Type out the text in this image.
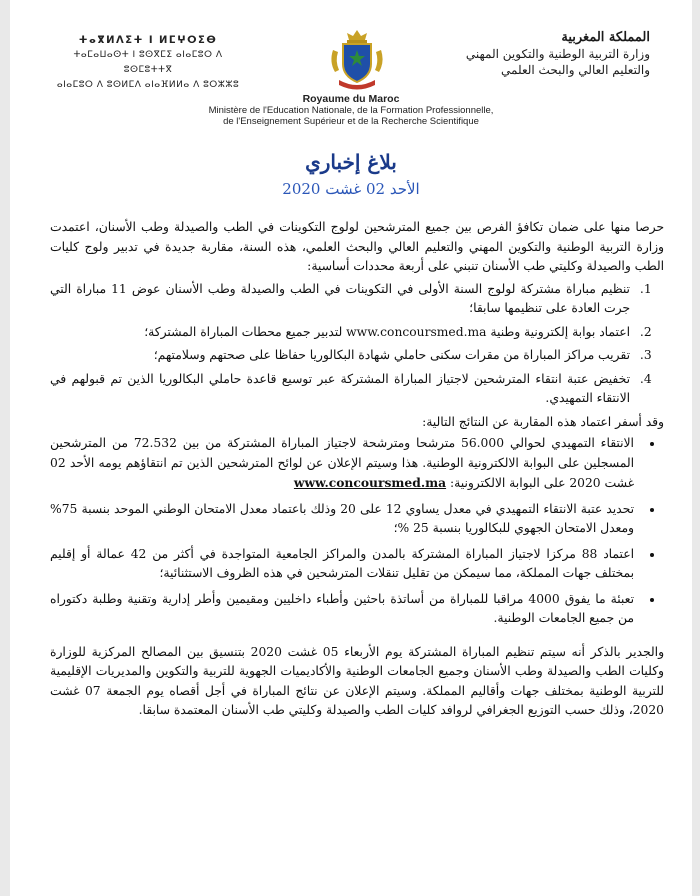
المملكة المغربية
وزارة التربية الوطنية والتكوين المهني
والتعليم العالي والبحث العلمي
ⵜⴰⴳⵍⴷⵉⵜ ⵏ ⵍⵎⵖⵔⵉⴱ
ⵜⴰⵎⴰⵡⴰⵙⵜ ⵏ ⵓⵙⴳⵎⵉ ⴰⵏⴰⵎⵓⵔ ⴷ ⵓⵙⵎⵓⵜⵜⴳ
ⴰⵏⴰⵎⵓⵔ ⴷ ⵓⵙⵍⵎⴷ ⴰⵏⴰⴼⵍⵍⴰ ⴷ ⵓⵔⵣⵣⵓ
Royaume du Maroc
Ministère de l'Education Nationale, de la Formation Professionnelle,
de l'Enseignement Supérieur et de la Recherche Scientifique
بلاغ إخباري
الأحد 02 غشت 2020

حرصا منها على ضمان تكافؤ الفرص بين جميع المترشحين لولوج التكوينات في الطب والصيدلة وطب الأسنان، اعتمدت وزارة التربية الوطنية والتكوين المهني والتعليم العالي والبحث العلمي، هذه السنة، مقاربة جديدة في تدبير ولوج كليات الطب والصيدلة وكليتي طب الأسنان تنبني على أربعة محددات أساسية:

1. تنظيم مباراة مشتركة لولوج السنة الأولى في التكوينات في الطب والصيدلة وطب الأسنان عوض 11 مباراة التي جرت العادة على تنظيمها سابقا؛
2. اعتماد بوابة إلكترونية وطنية www.concoursmed.ma لتدبير جميع محطات المباراة المشتركة؛
3. تقريب مراكز المباراة من مقرات سكنى حاملي شهادة البكالوريا حفاظا على صحتهم وسلامتهم؛
4. تخفيض عتبة انتقاء المترشحين لاجتياز المباراة المشتركة عبر توسيع قاعدة حاملي البكالوريا الذين تم قبولهم في الانتقاء التمهيدي.

وقد أسفر اعتماد هذه المقاربة عن النتائج التالية:

• الانتقاء التمهيدي لحوالي 56.000 مترشحا ومترشحة لاجتياز المباراة المشتركة من بين 72.532 من المترشحين المسجلين على البوابة الالكترونية الوطنية. هذا وسيتم الإعلان عن لوائح المترشحين الذين تم انتقاؤهم يومه الأحد 02 غشت 2020 على البوابة الالكترونية: www.concoursmed.ma
• تحديد عتبة الانتقاء التمهيدي في معدل يساوي 12 على 20 وذلك باعتماد معدل الامتحان الوطني الموحد بنسبة 75% ومعدل الامتحان الجهوي للبكالوريا بنسبة 25 %؛
• اعتماد 88 مركزا لاجتياز المباراة المشتركة بالمدن والمراكز الجامعية المتواجدة في أكثر من 42 عمالة أو إقليم بمختلف جهات المملكة، مما سيمكن من تقليل تنقلات المترشحين في هذه الظروف الاستثنائية؛
• تعبئة ما يفوق 4000 مراقبا للمباراة من أساتذة باحثين وأطباء داخليين ومقيمين وأطر إدارية وتقنية وطلبة دكتوراه من جميع الجامعات الوطنية.

والجدير بالذكر أنه سيتم تنظيم المباراة المشتركة يوم الأربعاء 05 غشت 2020 بتنسيق بين المصالح المركزية للوزارة وكليات الطب والصيدلة وطب الأسنان وجميع الجامعات الوطنية والأكاديميات الجهوية للتربية والتكوين والمديريات الإقليمية للتربية الوطنية بمختلف جهات وأقاليم المملكة. وسيتم الإعلان عن نتائج المباراة في أجل أقصاه يوم الجمعة 07 غشت 2020، وذلك حسب التوزيع الجغرافي لروافد كليات الطب والصيدلة وكليتي طب الأسنان المعتمدة سابقا.
